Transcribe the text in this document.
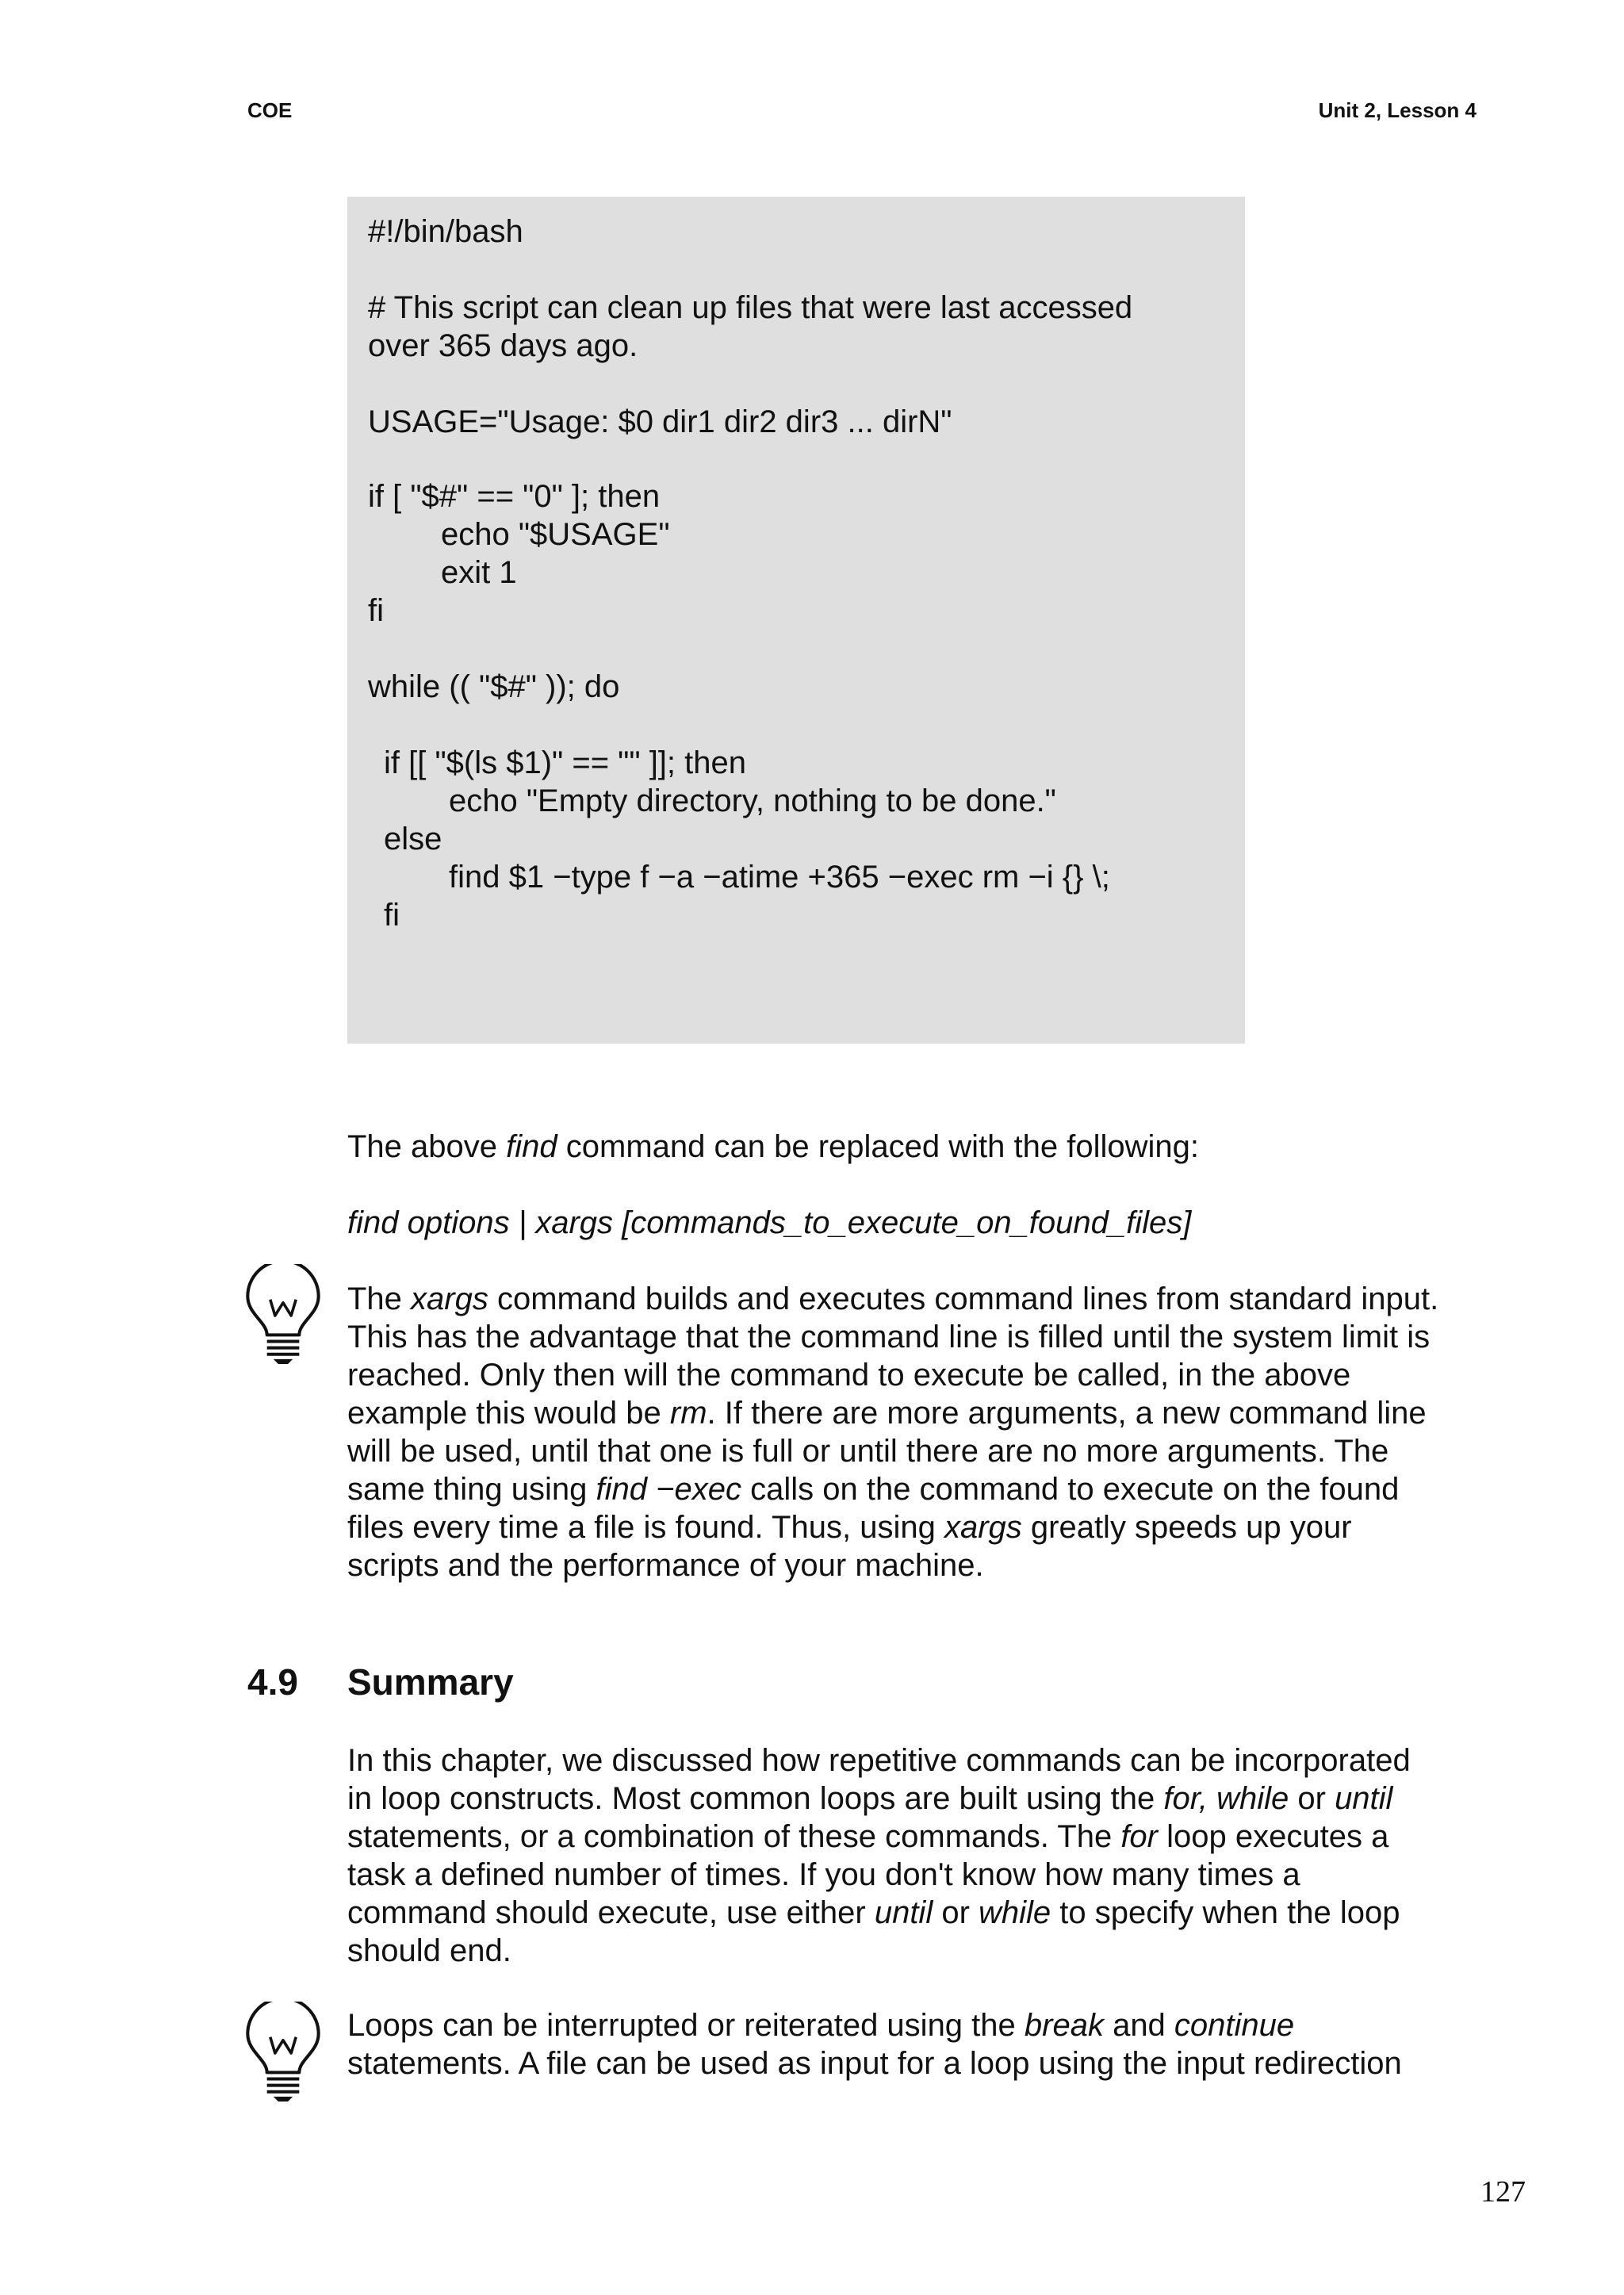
COE	Unit 2, Lesson 4
#!/bin/bash
# This script can clean up files that were last accessed
over 365 days ago.
USAGE="Usage: $0 dir1 dir2 dir3 ... dirN"
if [ "$#" == "0" ]; then
echo "$USAGE"
exit 1
fi
while (( "$#" )); do
if [[ "$(ls $1)" == "" ]]; then
echo "Empty directory, nothing to be done."
else
find $1 −type f −a −atime +365 −exec rm −i {} \;
fi
The above find command can be replaced with the following:
find options | xargs [commands_to_execute_on_found_files]
The xargs command builds and executes command lines from standard input.
This has the advantage that the command line is filled until the system limit is
reached. Only then will the command to execute be called, in the above
example this would be rm. If there are more arguments, a new command line
will be used, until that one is full or until there are no more arguments. The
same thing using find −exec calls on the command to execute on the found
files every time a file is found. Thus, using xargs greatly speeds up your
scripts and the performance of your machine.
4.9 Summary
In this chapter, we discussed how repetitive commands can be incorporated
in loop constructs. Most common loops are built using the for, while or until
statements, or a combination of these commands. The for loop executes a
task a defined number of times. If you don't know how many times a
command should execute, use either until or while to specify when the loop
should end.
Loops can be interrupted or reiterated using the break and continue
statements. A file can be used as input for a loop using the input redirection
127
